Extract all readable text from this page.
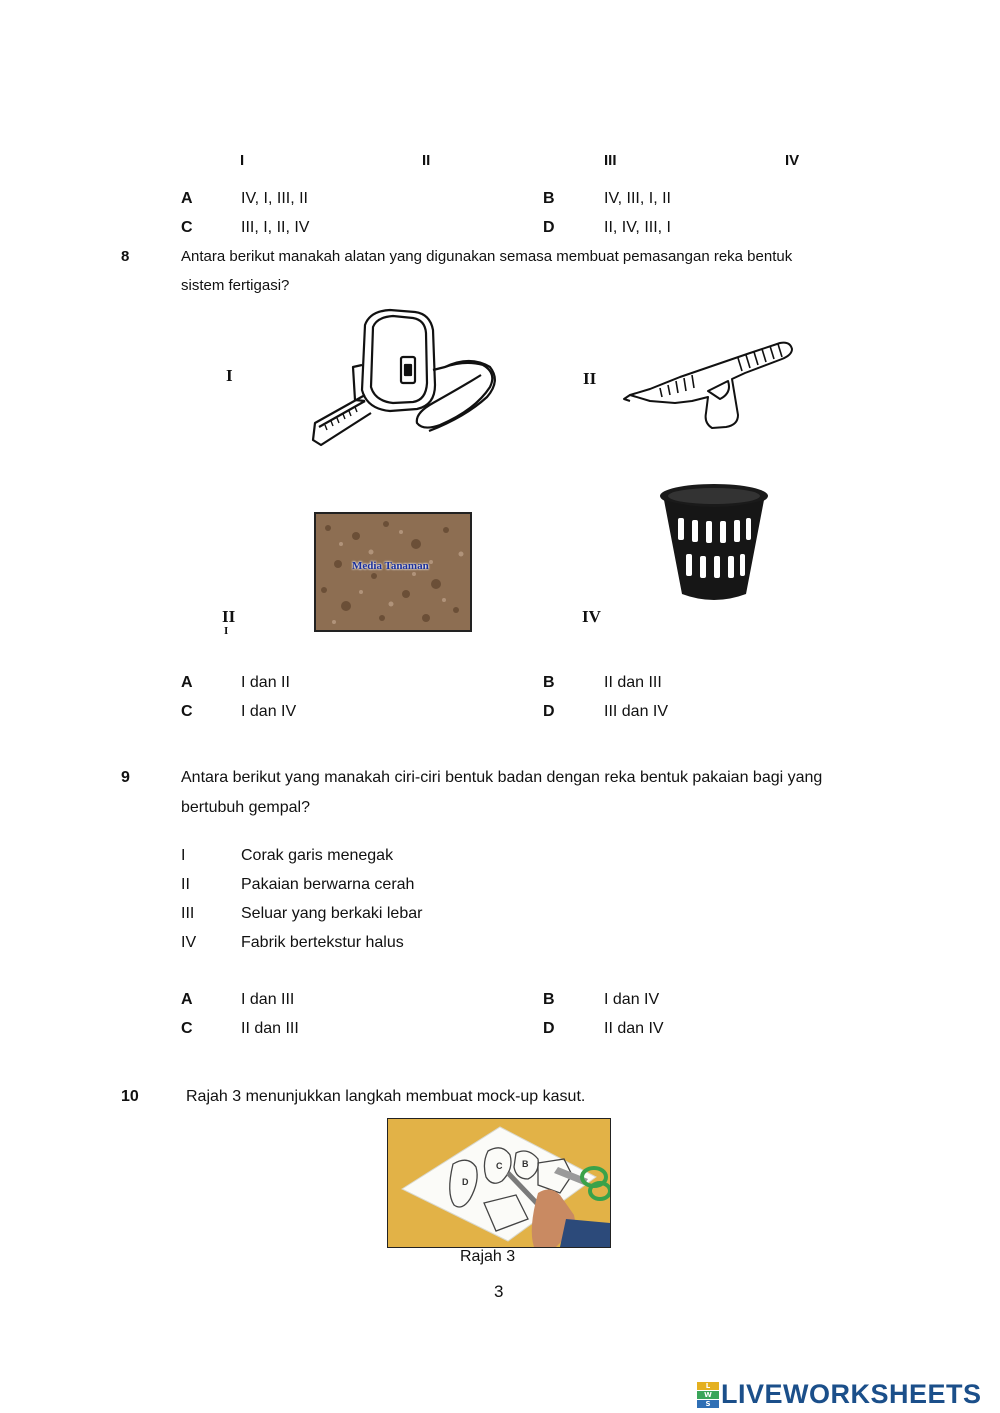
I	II	III	IV
A	IV, I, III, II	B	IV, III, I, II
C	III, I, II, IV	D	II, IV, III, I
8	Antara berikut manakah alatan yang digunakan semasa membuat pemasangan reka bentuk
sistem fertigasi?
I	II
II
I
IV
Media Tanaman
A	I dan II	B	II dan III
C	I dan IV	D	III dan IV
9	Antara berikut yang manakah ciri-ciri bentuk badan dengan reka bentuk pakaian bagi yang
bertubuh gempal?
I	Corak garis menegak
II	Pakaian berwarna cerah
III	Seluar yang berkaki lebar
IV	Fabrik bertekstur halus
A	I dan III	B	I dan IV
C	II dan III	D	II dan IV
10	Rajah 3 menunjukkan langkah membuat mock-up kasut.
D
C B
Rajah 3
3
L
W
S LIVEWORKSHEETS
